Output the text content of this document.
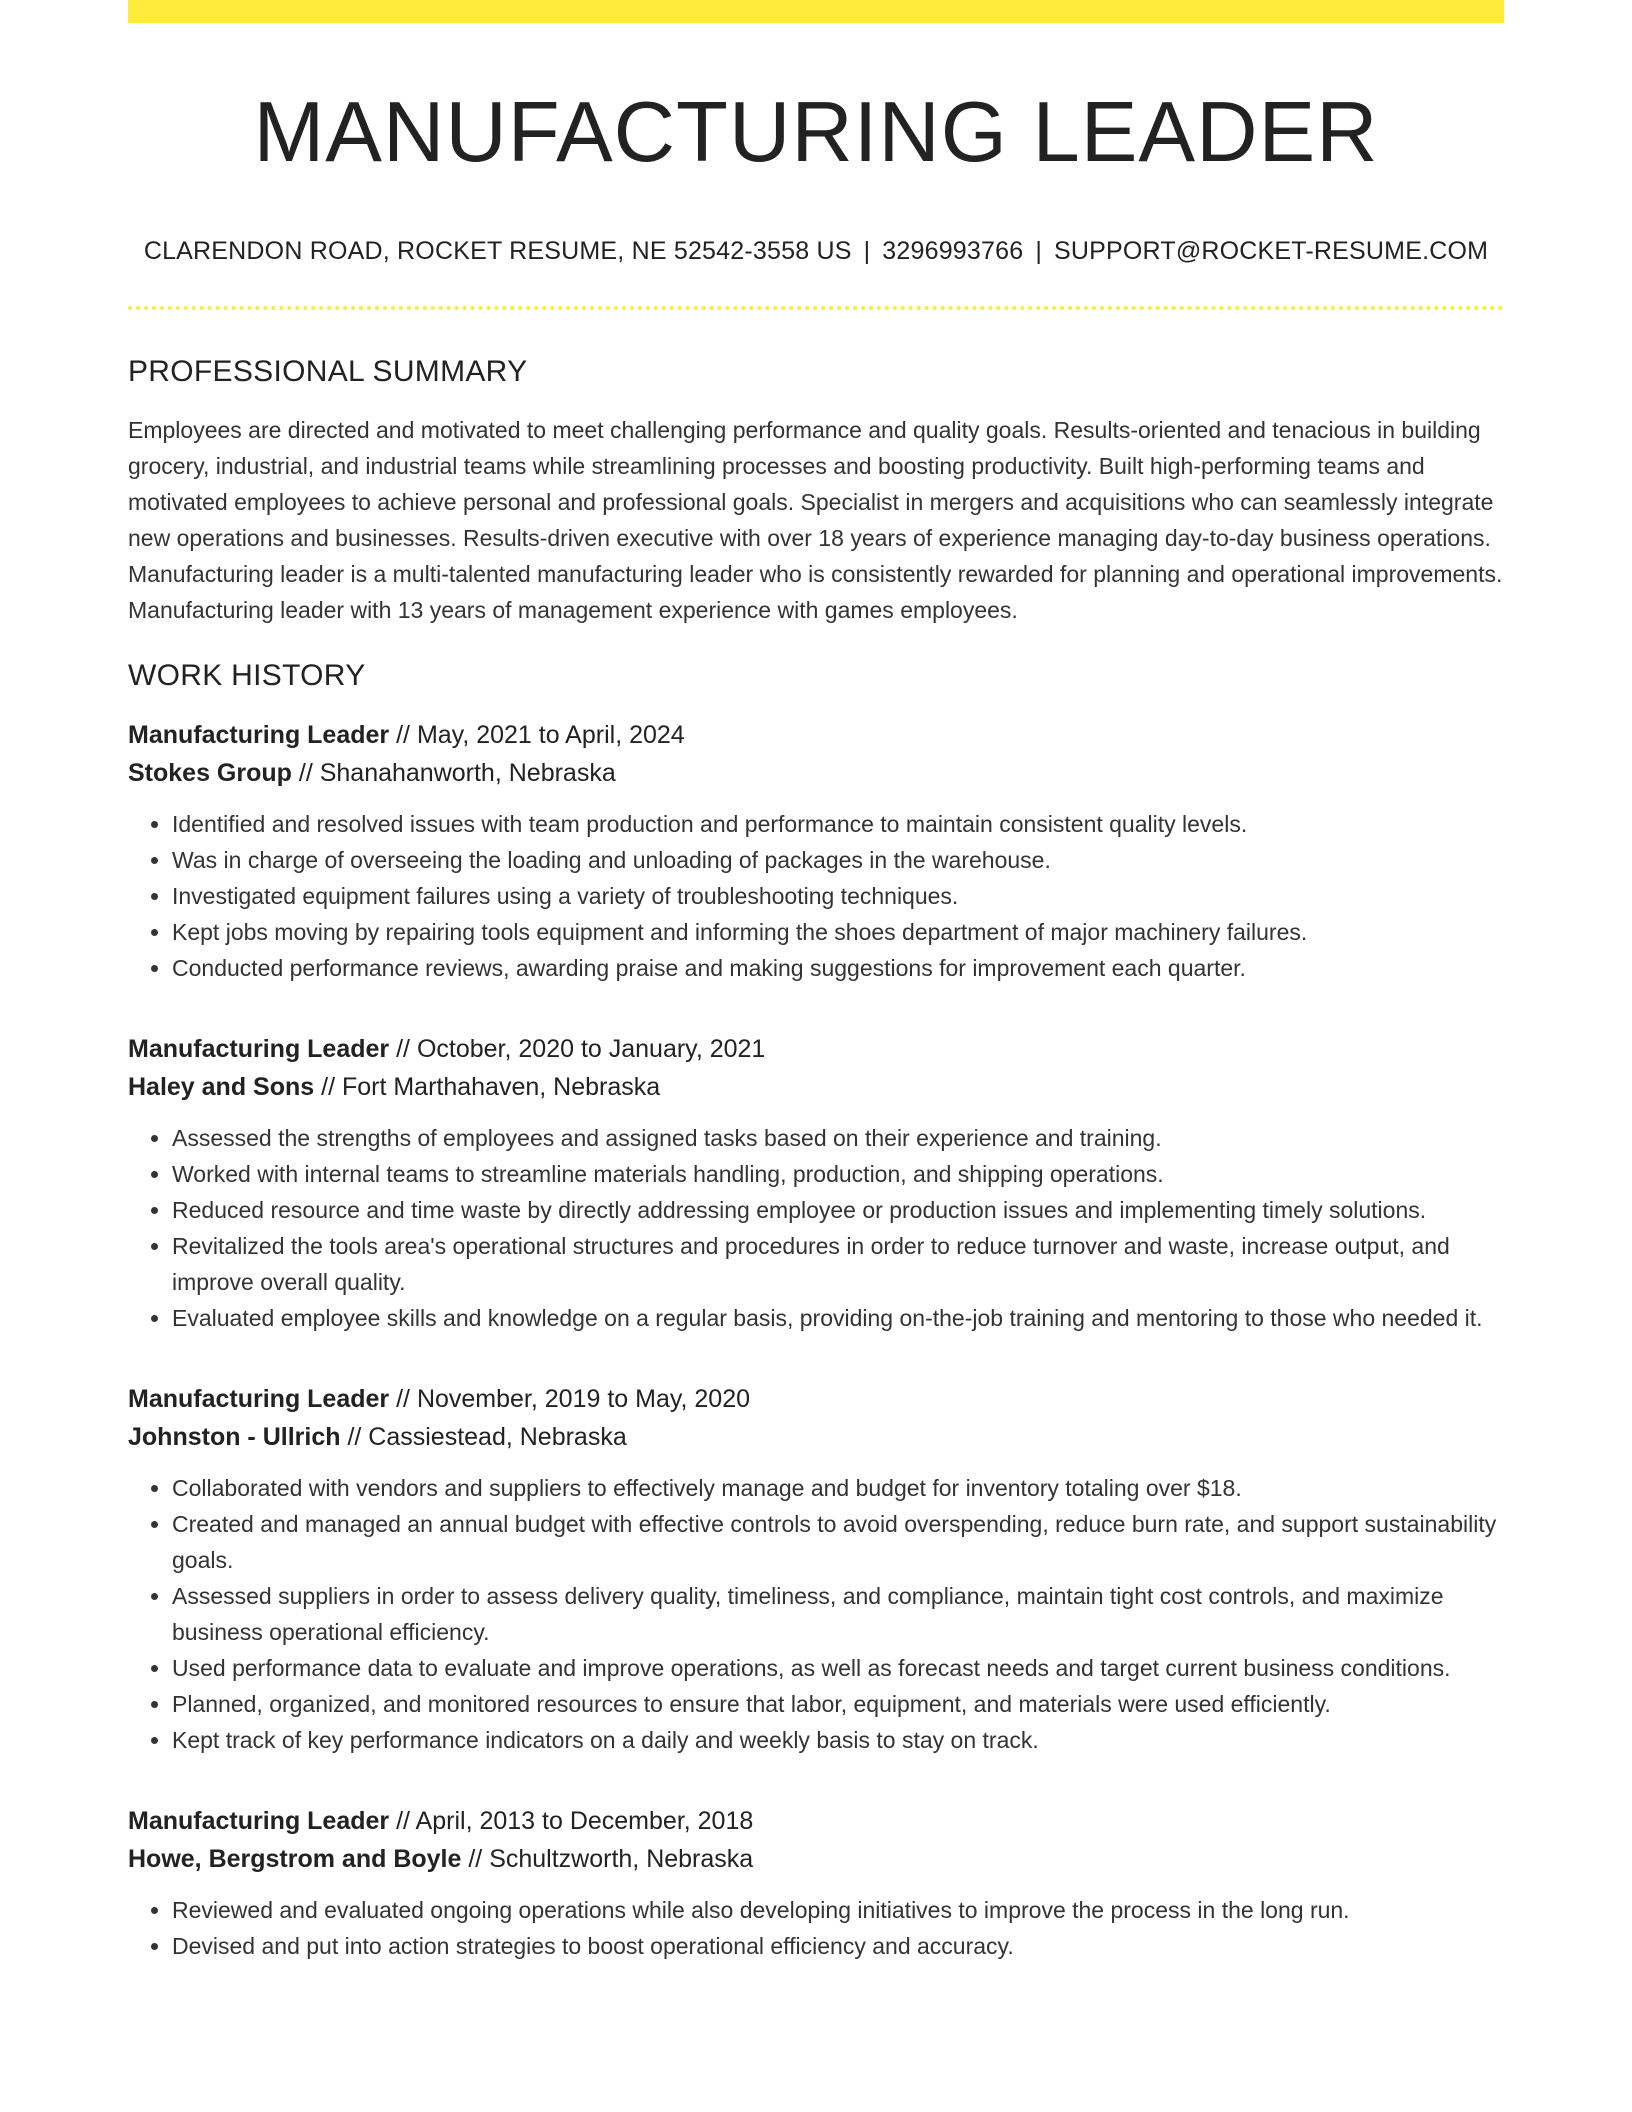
MANUFACTURING LEADER
CLARENDON ROAD, ROCKET RESUME, NE 52542-3558 US | 3296993766 | SUPPORT@ROCKET-RESUME.COM
PROFESSIONAL SUMMARY

Employees are directed and motivated to meet challenging performance and quality goals. Results-oriented and tenacious in building grocery, industrial, and industrial teams while streamlining processes and boosting productivity. Built high-performing teams and motivated employees to achieve personal and professional goals. Specialist in mergers and acquisitions who can seamlessly integrate new operations and businesses. Results-driven executive with over 18 years of experience managing day-to-day business operations. Manufacturing leader is a multi-talented manufacturing leader who is consistently rewarded for planning and operational improvements. Manufacturing leader with 13 years of management experience with games employees.

WORK HISTORY
Manufacturing Leader // May, 2021 to April, 2024
Stokes Group // Shanahanworth, Nebraska
• Identified and resolved issues with team production and performance to maintain consistent quality levels.
• Was in charge of overseeing the loading and unloading of packages in the warehouse.
• Investigated equipment failures using a variety of troubleshooting techniques.
• Kept jobs moving by repairing tools equipment and informing the shoes department of major machinery failures.
• Conducted performance reviews, awarding praise and making suggestions for improvement each quarter.
Manufacturing Leader // October, 2020 to January, 2021
Haley and Sons // Fort Marthahaven, Nebraska
• Assessed the strengths of employees and assigned tasks based on their experience and training.
• Worked with internal teams to streamline materials handling, production, and shipping operations.
• Reduced resource and time waste by directly addressing employee or production issues and implementing timely solutions.
• Revitalized the tools area's operational structures and procedures in order to reduce turnover and waste, increase output, and improve overall quality.
• Evaluated employee skills and knowledge on a regular basis, providing on-the-job training and mentoring to those who needed it.
Manufacturing Leader // November, 2019 to May, 2020
Johnston - Ullrich // Cassiestead, Nebraska
• Collaborated with vendors and suppliers to effectively manage and budget for inventory totaling over $18.
• Created and managed an annual budget with effective controls to avoid overspending, reduce burn rate, and support sustainability goals.
• Assessed suppliers in order to assess delivery quality, timeliness, and compliance, maintain tight cost controls, and maximize business operational efficiency.
• Used performance data to evaluate and improve operations, as well as forecast needs and target current business conditions.
• Planned, organized, and monitored resources to ensure that labor, equipment, and materials were used efficiently.
• Kept track of key performance indicators on a daily and weekly basis to stay on track.
Manufacturing Leader // April, 2013 to December, 2018
Howe, Bergstrom and Boyle // Schultzworth, Nebraska
• Reviewed and evaluated ongoing operations while also developing initiatives to improve the process in the long run.
• Devised and put into action strategies to boost operational efficiency and accuracy.
